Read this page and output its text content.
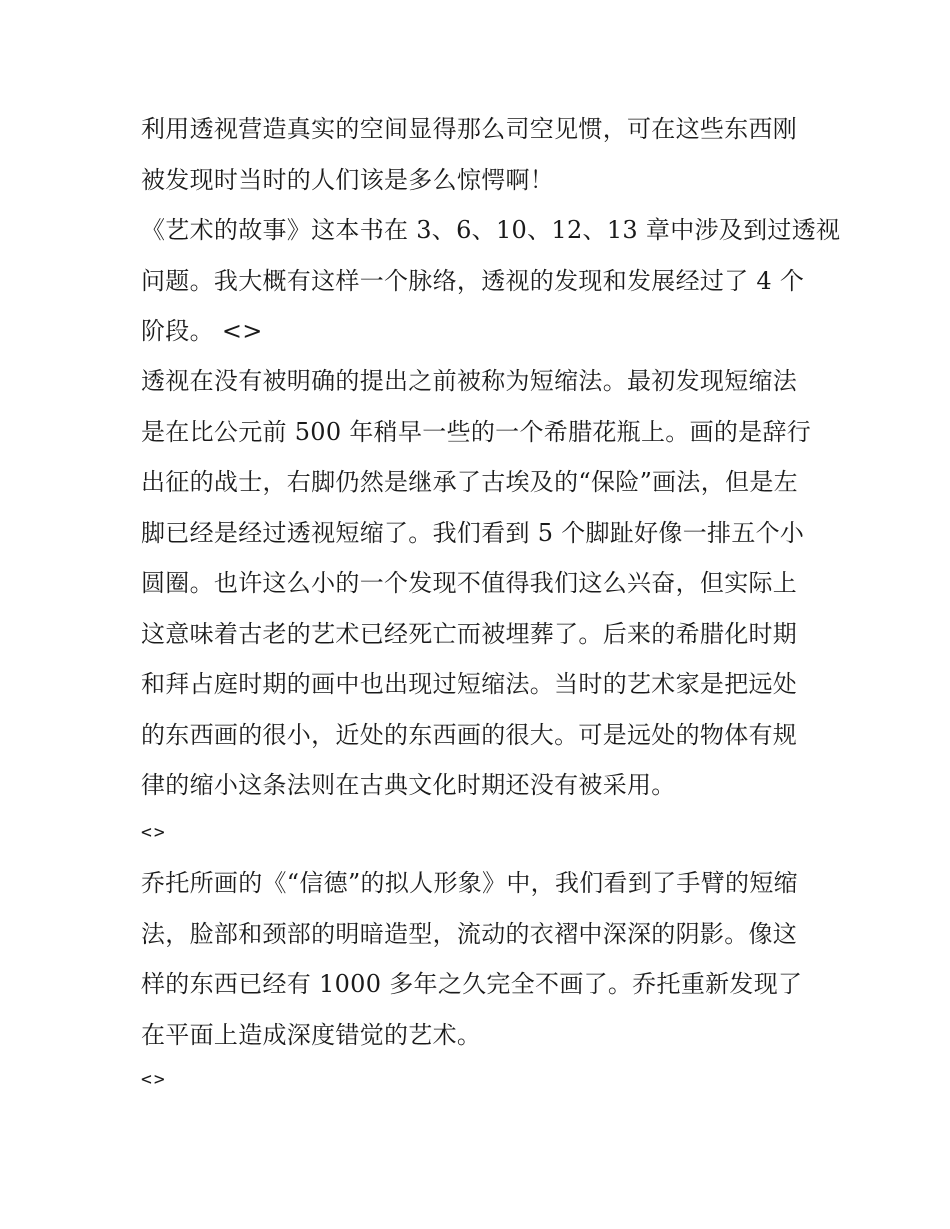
利用透视营造真实的空间显得那么司空见惯，可在这些东西刚
被发现时当时的人们该是多么惊愕啊！
《艺术的故事》这本书在 3、6、10、12、13 章中涉及到过透视
问题。我大概有这样一个脉络，透视的发现和发展经过了 4 个
阶段。 <>
透视在没有被明确的提出之前被称为短缩法。最初发现短缩法
是在比公元前 500 年稍早一些的一个希腊花瓶上。画的是辞行
出征的战士，右脚仍然是继承了古埃及的“保险”画法，但是左
脚已经是经过透视短缩了。我们看到 5 个脚趾好像一排五个小
圆圈。也许这么小的一个发现不值得我们这么兴奋，但实际上
这意味着古老的艺术已经死亡而被埋葬了。后来的希腊化时期
和拜占庭时期的画中也出现过短缩法。当时的艺术家是把远处
的东西画的很小，近处的东西画的很大。可是远处的物体有规
律的缩小这条法则在古典文化时期还没有被采用。
<>
乔托所画的《“信德”的拟人形象》中，我们看到了手臂的短缩
法，脸部和颈部的明暗造型，流动的衣褶中深深的阴影。像这
样的东西已经有 1000 多年之久完全不画了。乔托重新发现了
在平面上造成深度错觉的艺术。
<>
